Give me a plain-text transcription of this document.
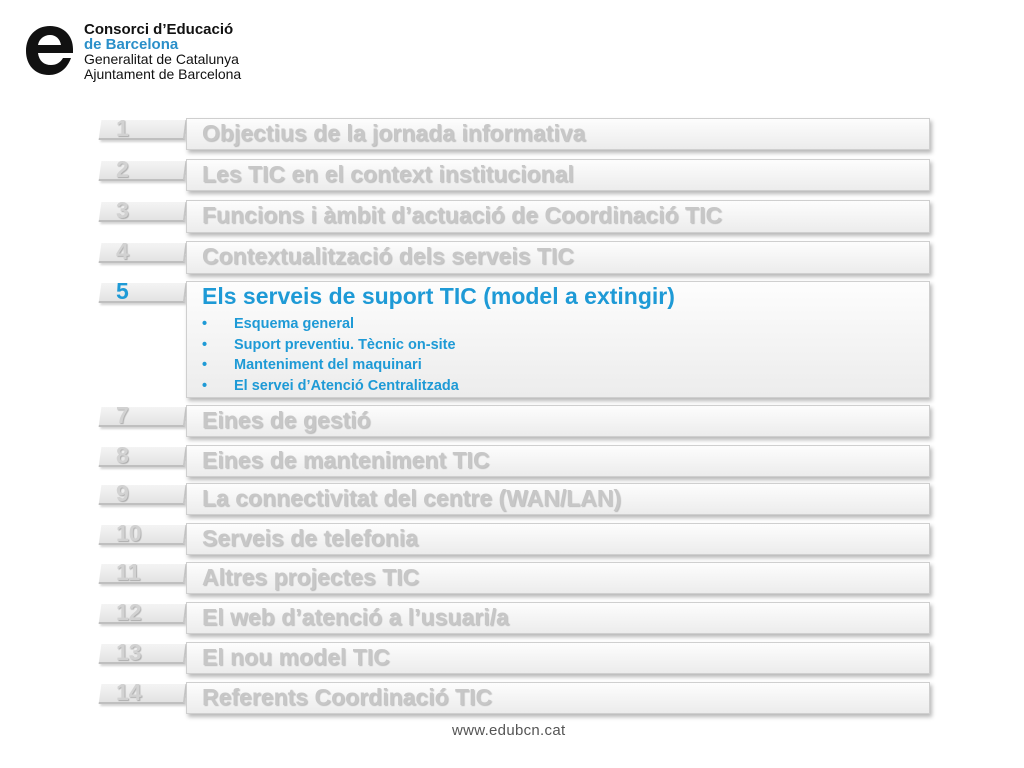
Consorci d’Educació
de Barcelona
Generalitat de Catalunya
Ajuntament de Barcelona
1	Objectius de la jornada informativa
2	Les TIC en el context institucional
3	Funcions i àmbit d’actuació de Coordinació TIC
4	Contextualització dels serveis TIC
5	Els serveis de suport TIC (model a extingir)
• Esquema general
• Suport preventiu. Tècnic on-site
• Manteniment del maquinari
• El servei d’Atenció Centralitzada
7	Eines de gestió
8	Eines de manteniment TIC
9	La connectivitat del centre (WAN/LAN)
10	Serveis de telefonia
11	Altres projectes TIC
12	El web d’atenció a l’usuari/a
13	El nou model TIC
14	Referents Coordinació TIC
www.edubcn.cat
